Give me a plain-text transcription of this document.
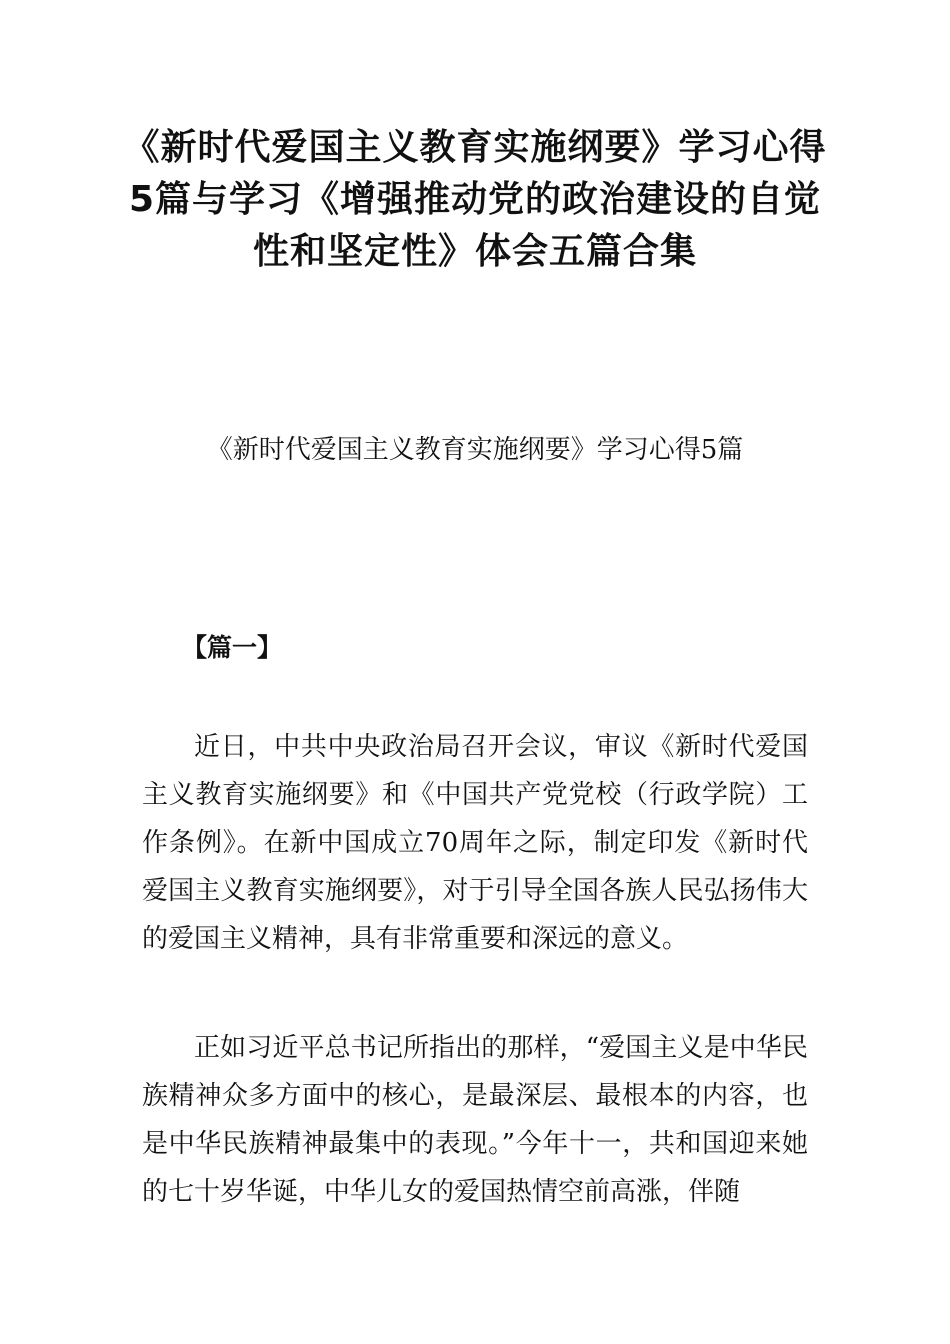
《新时代爱国主义教育实施纲要》学习心得5篇与学习《增强推动党的政治建设的自觉性和坚定性》体会五篇合集
《新时代爱国主义教育实施纲要》学习心得5篇
【篇一】

近日，中共中央政治局召开会议，审议《新时代爱国主义教育实施纲要》和《中国共产党党校（行政学院）工作条例》。在新中国成立70周年之际，制定印发《新时代爱国主义教育实施纲要》，对于引导全国各族人民弘扬伟大的爱国主义精神，具有非常重要和深远的意义。

正如习近平总书记所指出的那样，“爱国主义是中华民族精神众多方面中的核心，是最深层、最根本的内容，也是中华民族精神最集中的表现。”今年十一，共和国迎来她的七十岁华诞，中华儿女的爱国热情空前高涨，伴随
